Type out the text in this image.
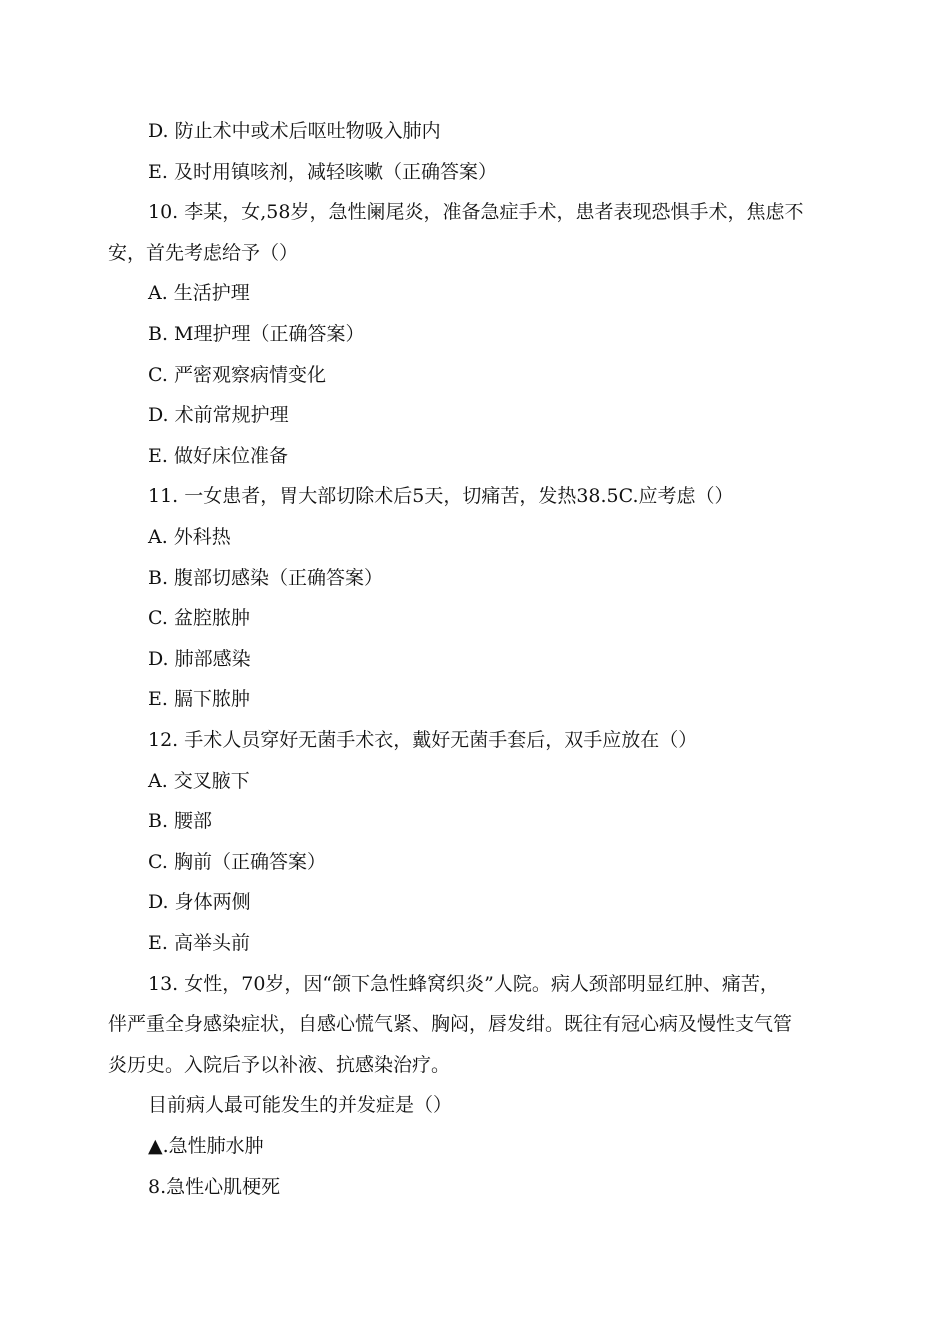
D. 防止术中或术后呕吐物吸入肺内
E. 及时用镇咳剂，减轻咳嗽（正确答案）
10. 李某，女,58岁，急性阑尾炎，准备急症手术，患者表现恐惧手术，焦虑不
安，首先考虑给予（）
A. 生活护理
B. M理护理（正确答案）
C. 严密观察病情变化
D. 术前常规护理
E. 做好床位准备
11. 一女患者，胃大部切除术后5天，切痛苦，发热38.5C.应考虑（）
A. 外科热
B. 腹部切感染（正确答案）
C. 盆腔脓肿
D. 肺部感染
E. 膈下脓肿
12. 手术人员穿好无菌手术衣，戴好无菌手套后，双手应放在（）
A. 交叉腋下
B. 腰部
C. 胸前（正确答案）
D. 身体两侧
E. 高举头前
13. 女性，70岁，因“颌下急性蜂窝织炎”人院。病人颈部明显红肿、痛苦，
伴严重全身感染症状，自感心慌气紧、胸闷，唇发绀。既往有冠心病及慢性支气管
炎历史。入院后予以补液、抗感染治疗。
目前病人最可能发生的并发症是（）
▲.急性肺水肿
8.急性心肌梗死
